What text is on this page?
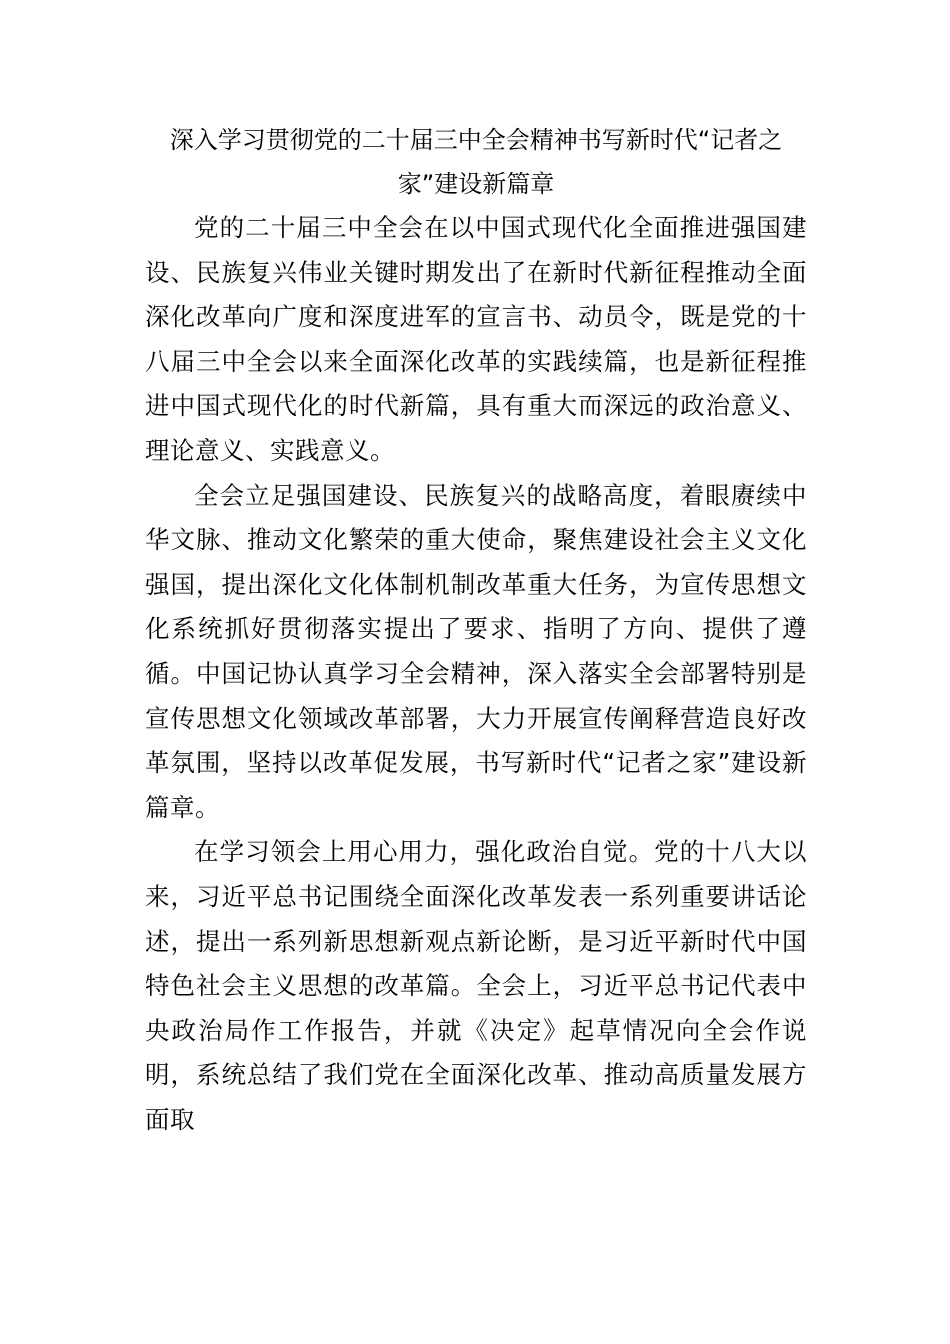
深入学习贯彻党的二十届三中全会精神书写新时代“记者之家”建设新篇章

党的二十届三中全会在以中国式现代化全面推进强国建设、民族复兴伟业关键时期发出了在新时代新征程推动全面深化改革向广度和深度进军的宣言书、动员令，既是党的十八届三中全会以来全面深化改革的实践续篇，也是新征程推进中国式现代化的时代新篇，具有重大而深远的政治意义、理论意义、实践意义。

全会立足强国建设、民族复兴的战略高度，着眼赓续中华文脉、推动文化繁荣的重大使命，聚焦建设社会主义文化强国，提出深化文化体制机制改革重大任务，为宣传思想文化系统抓好贯彻落实提出了要求、指明了方向、提供了遵循。中国记协认真学习全会精神，深入落实全会部署特别是宣传思想文化领域改革部署，大力开展宣传阐释营造良好改革氛围，坚持以改革促发展，书写新时代“记者之家”建设新篇章。

在学习领会上用心用力，强化政治自觉。党的十八大以来，习近平总书记围绕全面深化改革发表一系列重要讲话论述，提出一系列新思想新观点新论断，是习近平新时代中国特色社会主义思想的改革篇。全会上，习近平总书记代表中央政治局作工作报告，并就《决定》起草情况向全会作说明，系统总结了我们党在全面深化改革、推动高质量发展方面取
